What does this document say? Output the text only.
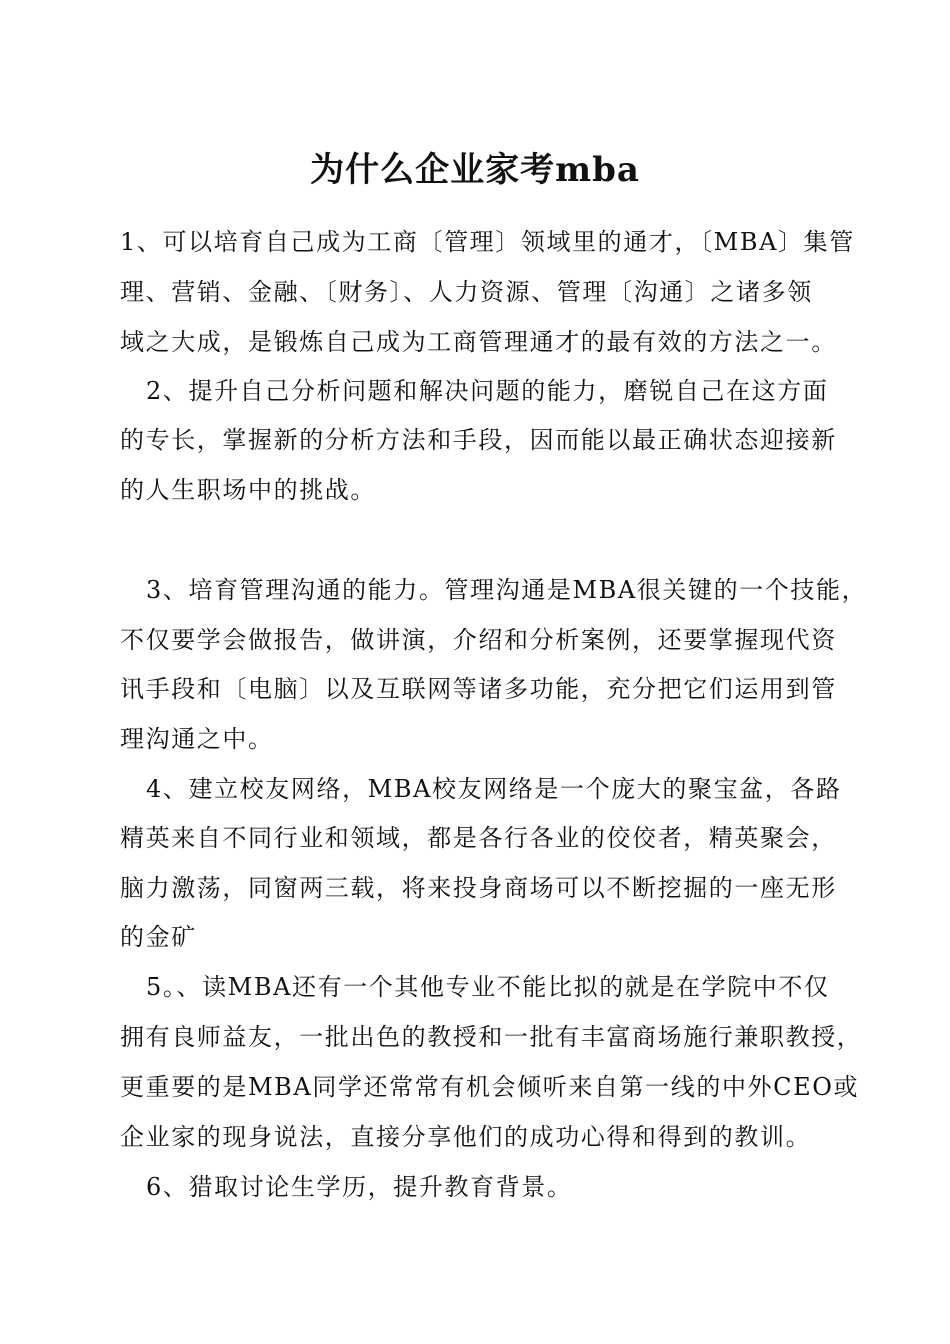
为什么企业家考mba
1、可以培育自己成为工商〔管理〕领域里的通才，〔MBA〕集管
理、营销、金融、〔财务〕、人力资源、管理〔沟通〕之诸多领
域之大成，是锻炼自己成为工商管理通才的最有效的方法之一。
2、提升自己分析问题和解决问题的能力，磨锐自己在这方面
的专长，掌握新的分析方法和手段，因而能以最正确状态迎接新
的人生职场中的挑战。
3、培育管理沟通的能力。管理沟通是MBA很关键的一个技能，
不仅要学会做报告，做讲演，介绍和分析案例，还要掌握现代资
讯手段和〔电脑〕以及互联网等诸多功能，充分把它们运用到管
理沟通之中。
4、建立校友网络，MBA校友网络是一个庞大的聚宝盆，各路
精英来自不同行业和领域，都是各行各业的佼佼者，精英聚会，
脑力激荡，同窗两三载，将来投身商场可以不断挖掘的一座无形
的金矿
5。、读MBA还有一个其他专业不能比拟的就是在学院中不仅
拥有良师益友，一批出色的教授和一批有丰富商场施行兼职教授，
更重要的是MBA同学还常常有机会倾听来自第一线的中外CEO或
企业家的现身说法，直接分享他们的成功心得和得到的教训。
6、猎取讨论生学历，提升教育背景。
